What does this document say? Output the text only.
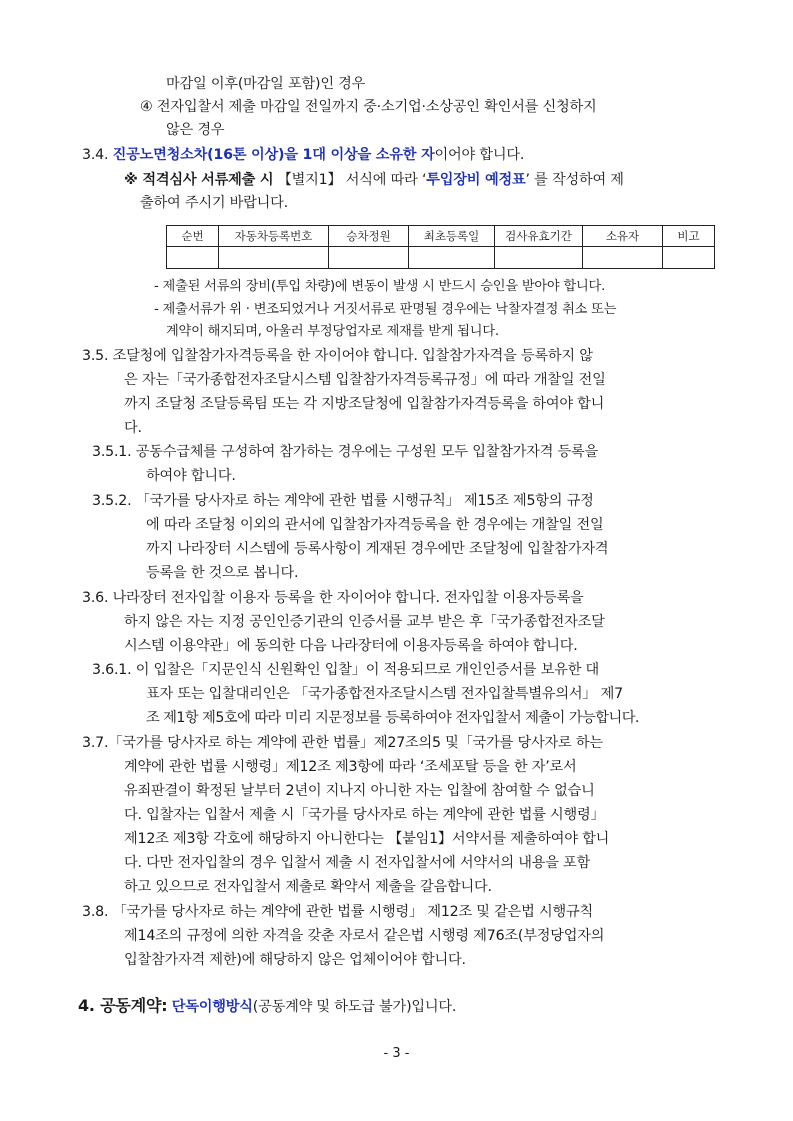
마감일 이후(마감일 포함)인 경우
④ 전자입찰서 제출 마감일 전일까지 중·소기업·소상공인 확인서를 신청하지
않은 경우
3.4. 진공노면청소차(16톤 이상)을 1대 이상을 소유한 자이어야 합니다.
※ 적격심사 서류제출 시 【별지1】 서식에 따라 ‘투입장비 예정표’ 를 작성하여 제
출하여 주시기 바랍니다.
순번	자동차등록번호	승차정원	최초등록일	검사유효기간	소유자	비고

- 제출된 서류의 장비(투입 차량)에 변동이 발생 시 반드시 승인을 받아야 합니다.
- 제출서류가 위 · 변조되었거나 거짓서류로 판명될 경우에는 낙찰자결정 취소 또는
계약이 해지되며, 아울러 부정당업자로 제재를 받게 됩니다.
3.5. 조달청에 입찰참가자격등록을 한 자이어야 합니다. 입찰참가자격을 등록하지 않
은 자는「국가종합전자조달시스템 입찰참가자격등록규정」에 따라 개찰일 전일
까지 조달청 조달등록팀 또는 각 지방조달청에 입찰참가자격등록을 하여야 합니
다.
3.5.1. 공동수급체를 구성하여 참가하는 경우에는 구성원 모두 입찰참가자격 등록을
하여야 합니다.
3.5.2. 「국가를 당사자로 하는 계약에 관한 법률 시행규칙」 제15조 제5항의 규정
에 따라 조달청 이외의 관서에 입찰참가자격등록을 한 경우에는 개찰일 전일
까지 나라장터 시스템에 등록사항이 게재된 경우에만 조달청에 입찰참가자격
등록을 한 것으로 봅니다.
3.6. 나라장터 전자입찰 이용자 등록을 한 자이어야 합니다. 전자입찰 이용자등록을
하지 않은 자는 지정 공인인증기관의 인증서를 교부 받은 후「국가종합전자조달
시스템 이용약관」에 동의한 다음 나라장터에 이용자등록을 하여야 합니다.
3.6.1. 이 입찰은「지문인식 신원확인 입찰」이 적용되므로 개인인증서를 보유한 대
표자 또는 입찰대리인은 「국가종합전자조달시스템 전자입찰특별유의서」 제7
조 제1항 제5호에 따라 미리 지문정보를 등록하여야 전자입찰서 제출이 가능합니다.
3.7.「국가를 당사자로 하는 계약에 관한 법률」제27조의5 및「국가를 당사자로 하는
계약에 관한 법률 시행령」제12조 제3항에 따라 ‘조세포탈 등을 한 자’로서
유죄판결이 확정된 날부터 2년이 지나지 아니한 자는 입찰에 참여할 수 없습니
다. 입찰자는 입찰서 제출 시「국가를 당사자로 하는 계약에 관한 법률 시행령」
제12조 제3항 각호에 해당하지 아니한다는 【붙임1】서약서를 제출하여야 합니
다. 다만 전자입찰의 경우 입찰서 제출 시 전자입찰서에 서약서의 내용을 포함
하고 있으므로 전자입찰서 제출로 확약서 제출을 갈음합니다.
3.8. 「국가를 당사자로 하는 계약에 관한 법률 시행령」 제12조 및 같은법 시행규칙
제14조의 규정에 의한 자격을 갖춘 자로서 같은법 시행령 제76조(부정당업자의
입찰참가자격 제한)에 해당하지 않은 업체이어야 합니다.
4. 공동계약: 단독이행방식(공동계약 및 하도급 불가)입니다.
- 3 -
